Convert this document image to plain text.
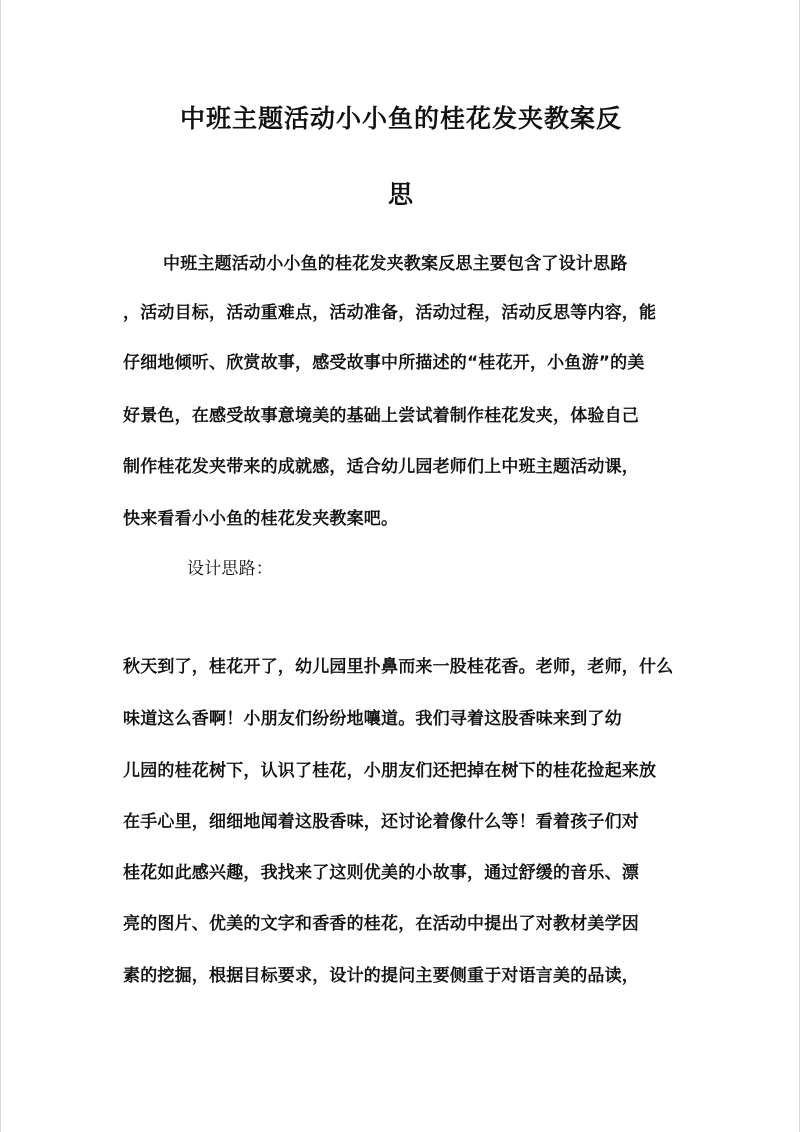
中班主题活动小小鱼的桂花发夹教案反
思

中班主题活动小小鱼的桂花发夹教案反思主要包含了设计思路

，活动目标，活动重难点，活动准备，活动过程，活动反思等内容，能

仔细地倾听、欣赏故事，感受故事中所描述的“桂花开，小鱼游”的美

好景色，在感受故事意境美的基础上尝试着制作桂花发夹，体验自己

制作桂花发夹带来的成就感，适合幼儿园老师们上中班主题活动课，

快来看看小小鱼的桂花发夹教案吧。

设计思路：

秋天到了，桂花开了，幼儿园里扑鼻而来一股桂花香。老师，老师，什么

味道这么香啊！小朋友们纷纷地嚷道。我们寻着这股香味来到了幼

儿园的桂花树下，认识了桂花，小朋友们还把掉在树下的桂花捡起来放

在手心里，细细地闻着这股香味，还讨论着像什么等！看着孩子们对

桂花如此感兴趣，我找来了这则优美的小故事，通过舒缓的音乐、漂

亮的图片、优美的文字和香香的桂花，在活动中提出了对教材美学因

素的挖掘，根据目标要求，设计的提问主要侧重于对语言美的品读，
